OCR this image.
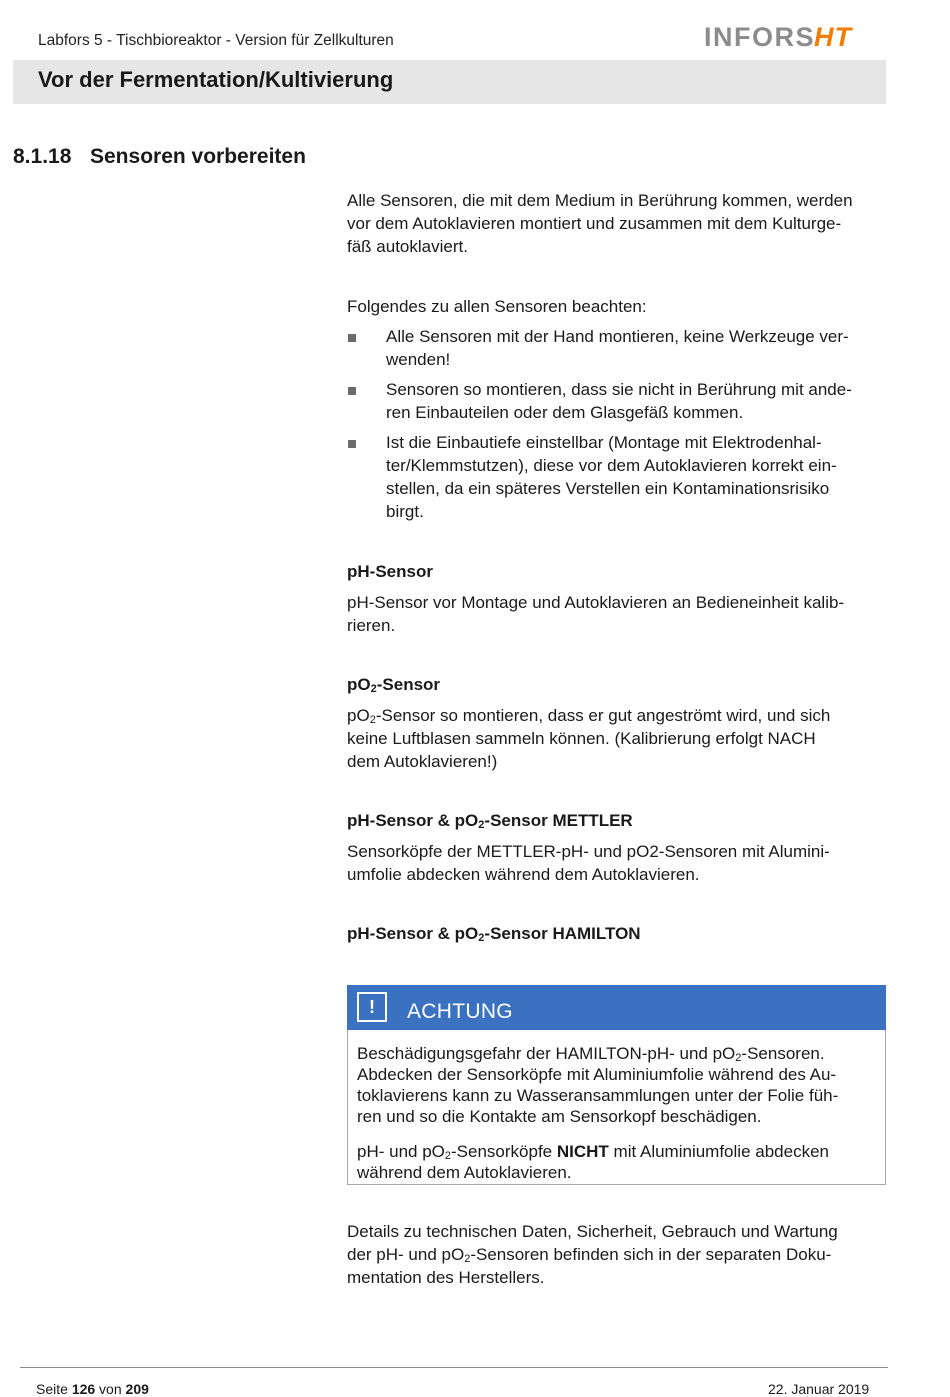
Labfors 5 - Tischbioreaktor - Version für Zellkulturen	INFORS
HT
Vor der Fermentation/Kultivierung
8.1.18 Sensoren vorbereiten
Alle Sensoren, die mit dem Medium in Berührung kommen, werden
vor dem Autoklavieren montiert und zusammen mit dem Kulturge-
fäß autoklaviert.
Folgendes zu allen Sensoren beachten:
Alle Sensoren mit der Hand montieren, keine Werkzeuge ver-
wenden!
Sensoren so montieren, dass sie nicht in Berührung mit ande-
ren Einbauteilen oder dem Glasgefäß kommen.
Ist die Einbautiefe einstellbar (Montage mit Elektrodenhal-
ter/Klemmstutzen), diese vor dem Autoklavieren korrekt ein-
stellen, da ein späteres Verstellen ein Kontaminationsrisiko
birgt.
pH-Sensor
pH-Sensor vor Montage und Autoklavieren an Bedieneinheit kalib-
rieren.
$pO_2$-Sensor
$pO_2$-Sensor so montieren, dass er gut angeströmt wird, und sich
keine Luftblasen sammeln können. (Kalibrierung erfolgt NACH
dem Autoklavieren!)
pH-Sensor & $pO_2$-Sensor METTLER
Sensorköpfe der METTLER-pH- und pO2-Sensoren mit Alumini-
umfolie abdecken während dem Autoklavieren.
pH-Sensor & $pO_2$-Sensor HAMILTON
!	ACHTUNG
Beschädigungsgefahr der HAMILTON-pH- und $pO_2$-Sensoren.
Abdecken der Sensorköpfe mit Aluminiumfolie während des Au-
toklavierens kann zu Wasseransammlungen unter der Folie füh-
ren und so die Kontakte am Sensorkopf beschädigen.
pH- und $pO_2$-Sensorköpfe NICHT mit Aluminiumfolie abdecken
während dem Autoklavieren.
Details zu technischen Daten, Sicherheit, Gebrauch und Wartung
der pH- und $pO_2$-Sensoren befinden sich in der separaten Doku-
mentation des Herstellers.
Seite 126 von 209	22. Januar 2019
